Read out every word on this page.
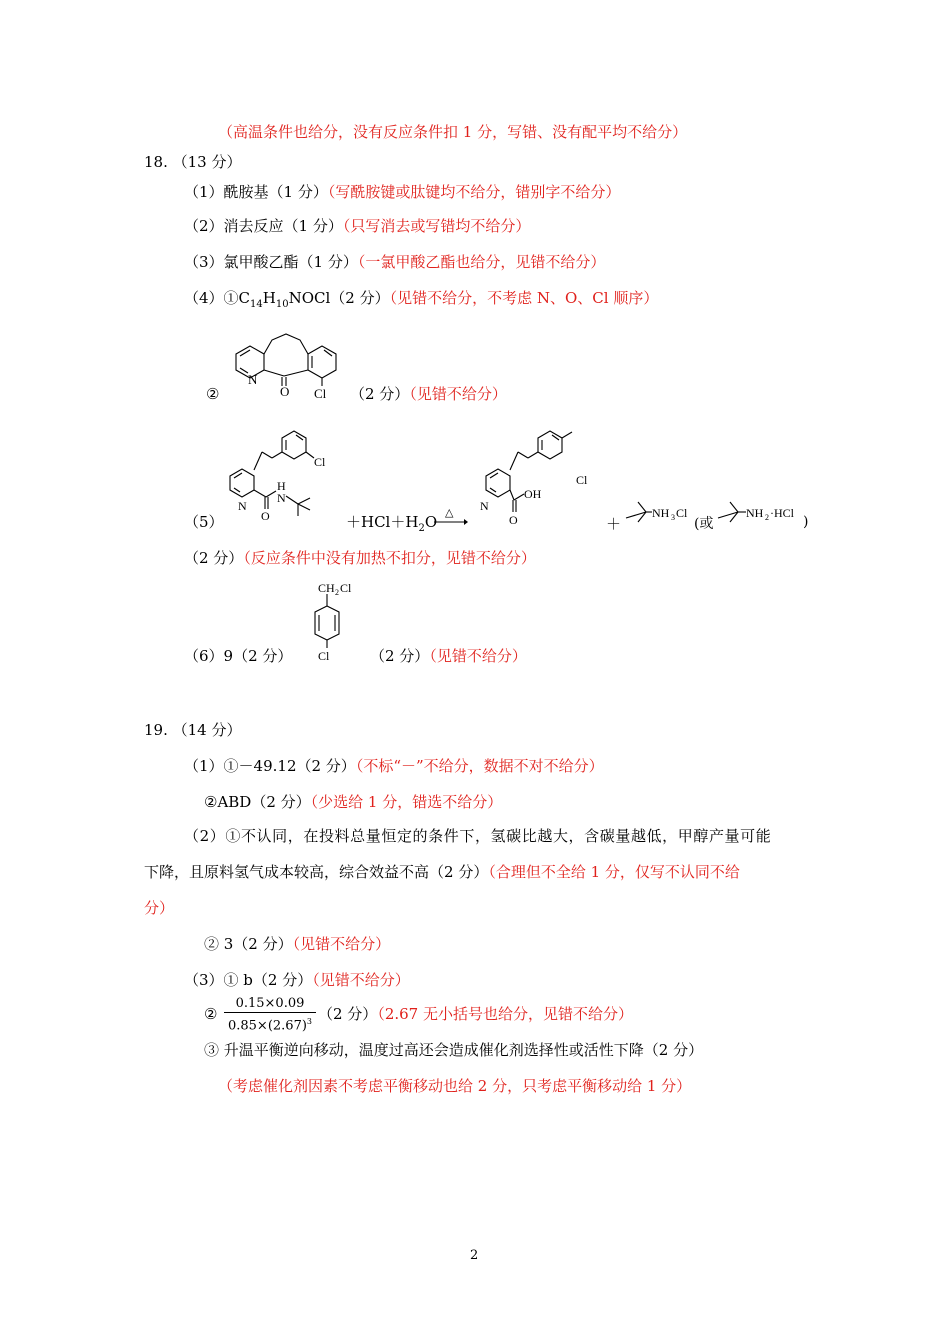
（高温条件也给分，没有反应条件扣 1 分，写错、没有配平均不给分）
18. （13 分）
（1）酰胺基（1 分）（写酰胺键或肽键均不给分，错别字不给分）
（2）消去反应（1 分）（只写消去或写错均不给分）
（3）氯甲酸乙酯（1 分）（一氯甲酸乙酯也给分，见错不给分）
$(4)①C_{14}H_{10}NOCl(2$ 分）（见错不给分，不考虑 N、O、Cl 顺序）
②
N
O Cl （2 分）（见错不给分）
（5）
Cl
N
O
H
N
$+HCl+H_2O$ △
Cl
N
O
OH
＋
NH 3 Cl	NH 2 ·HCl
(或	)
（2 分）（反应条件中没有加热不扣分，见错不给分）
（6）9（2 分）
CH 2 Cl
Cl	（2 分）（见错不给分）
19. （14 分）
（1）①－49.12（2 分）（不标“－”不给分，数据不对不给分）
②ABD（2 分）（少选给 1 分，错选不给分）
（2）①不认同，在投料总量恒定的条件下，氢碳比越大，含碳量越低，甲醇产量可能
下降，且原料氢气成本较高，综合效益不高（2 分）（合理但不全给 1 分，仅写不认同不给
分）
② 3（2 分）（见错不给分）
（3）① b（2 分）（见错不给分）
② $\frac{0.15\times 0.09}{0.85\times(2.67)^3} (2$ 分）（2.67 无小括号也给分，见错不给分）
③ 升温平衡逆向移动，温度过高还会造成催化剂选择性或活性下降（2 分）
（考虑催化剂因素不考虑平衡移动也给 2 分，只考虑平衡移动给 1 分）
2
